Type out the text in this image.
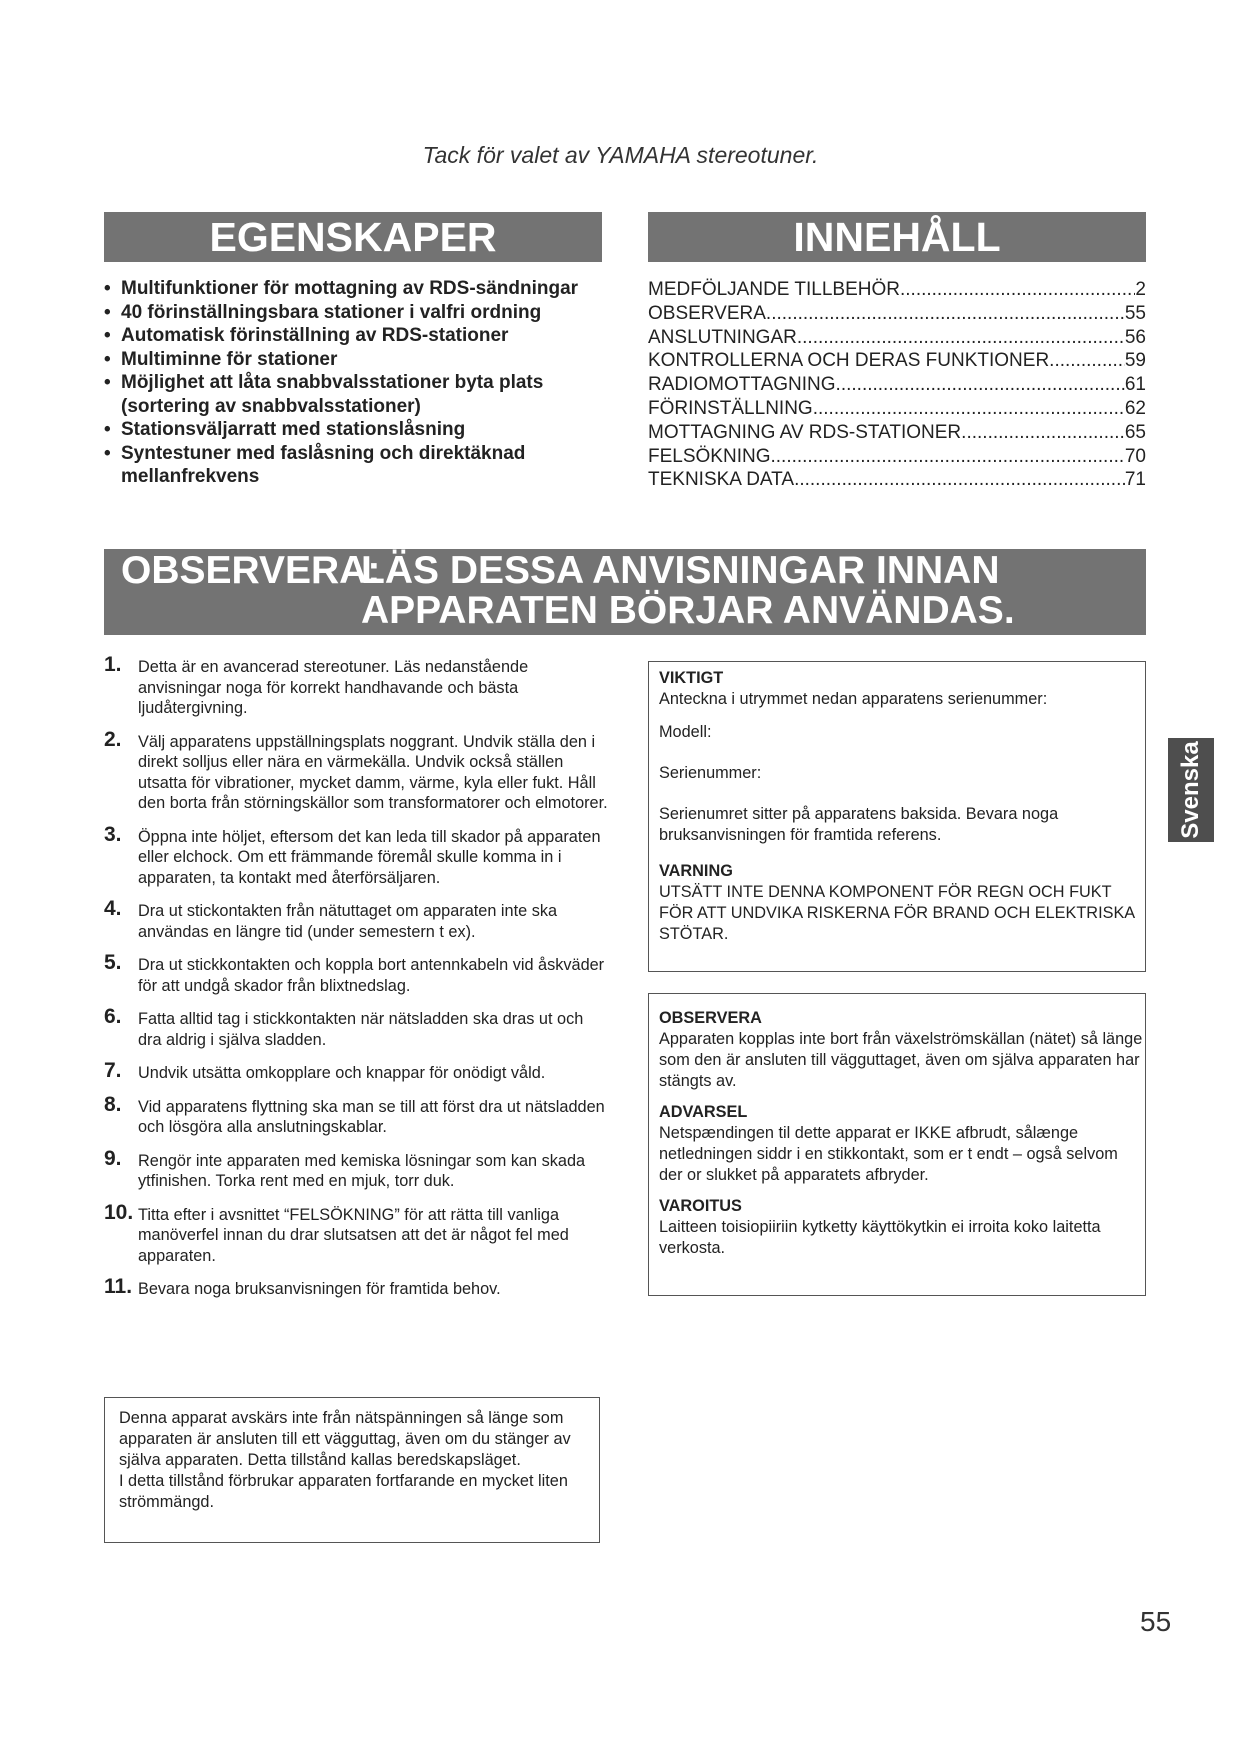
Tack för valet av YAMAHA stereotuner.
EGENSKAPER	INNEHÅLL
• Multifunktioner för mottagning av RDS-sändningar
• 40 förinställningsbara stationer i valfri ordning
• Automatisk förinställning av RDS-stationer
• Multiminne för stationer
• Möjlighet att låta snabbvalsstationer byta plats (sortering av snabbvalsstationer)
• Stationsväljarratt med stationslåsning
• Syntestuner med faslåsning och direktäknad mellanfrekvens
MEDFÖLJANDE TILLBEHÖR .....	2
OBSERVERA .....	55
ANSLUTNINGAR .....	56
KONTROLLERNA OCH DERAS FUNKTIONER .....	59
RADIOMOTTAGNING .....	61
FÖRINSTÄLLNING .....	62
MOTTAGNING AV RDS-STATIONER .....	65
FELSÖKNING .....	70
TEKNISKA DATA .....	71
OBSERVERA:
LÄS DESSA ANVISNINGAR INNAN
APPARATEN BÖRJAR ANVÄNDAS.
1. Detta är en avancerad stereotuner. Läs nedanstående anvisningar noga för korrekt handhavande och bästa ljudåtergivning.
2. Välj apparatens uppställningsplats noggrant. Undvik ställa den i direkt solljus eller nära en värmekälla. Undvik också ställen utsatta för vibrationer, mycket damm, värme, kyla eller fukt. Håll den borta från störningskällor som transformatorer och elmotorer.
3. Öppna inte höljet, eftersom det kan leda till skador på apparaten eller elchock. Om ett främmande föremål skulle komma in i apparaten, ta kontakt med återförsäljaren.
4. Dra ut stickontakten från nätuttaget om apparaten inte ska användas en längre tid (under semestern t ex).
5. Dra ut stickkontakten och koppla bort antennkabeln vid åskväder för att undgå skador från blixtnedslag.
6. Fatta alltid tag i stickkontakten när nätsladden ska dras ut och dra aldrig i själva sladden.
7. Undvik utsätta omkopplare och knappar för onödigt våld.
8. Vid apparatens flyttning ska man se till att först dra ut nätsladden och lösgöra alla anslutningskablar.
9. Rengör inte apparaten med kemiska lösningar som kan skada ytfinishen. Torka rent med en mjuk, torr duk.
10. Titta efter i avsnittet “FELSÖKNING” för att rätta till vanliga manöverfel innan du drar slutsatsen att det är något fel med apparaten.
11. Bevara noga bruksanvisningen för framtida behov.
Denna apparat avskärs inte från nätspänningen så länge som apparaten är ansluten till ett vägguttag, även om du stänger av själva apparaten. Detta tillstånd kallas beredskapsläget.
I detta tillstånd förbrukar apparaten fortfarande en mycket liten strömmängd.
VIKTIGT
Anteckna i utrymmet nedan apparatens serienummer:
Modell:
Serienummer:
Serienumret sitter på apparatens baksida. Bevara noga bruksanvisningen för framtida referens.
VARNING
UTSÄTT INTE DENNA KOMPONENT FÖR REGN OCH FUKT FÖR ATT UNDVIKA RISKERNA FÖR BRAND OCH ELEKTRISKA STÖTAR.
OBSERVERA
Apparaten kopplas inte bort från växelströmskällan (nätet) så länge som den är ansluten till vägguttaget, även om själva apparaten har stängts av.
ADVARSEL
Netspændingen til dette apparat er IKKE afbrudt, sålænge netledningen siddr i en stikkontakt, som er t endt – også selvom der or slukket på apparatets afbryder.
VAROITUS
Laitteen toisiopiiriin kytketty käyttökytkin ei irroita koko laitetta verkosta.
Svenska
55
